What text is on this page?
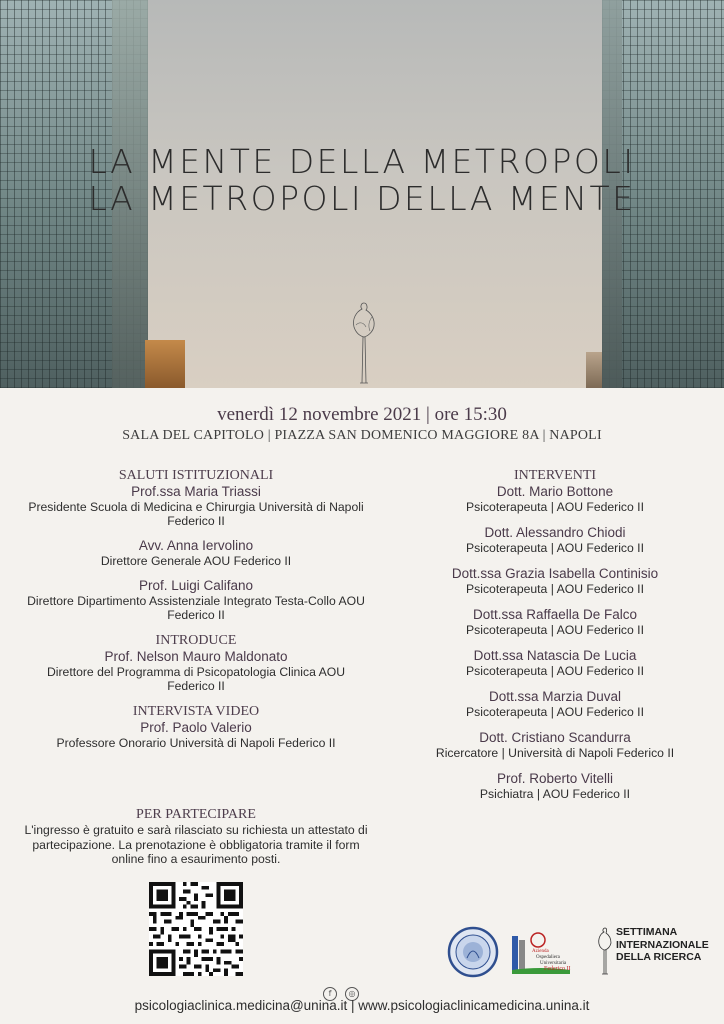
LA MENTE DELLA METROPOLI
LA METROPOLI DELLA MENTE
venerdì 12 novembre 2021 | ore 15:30
SALA DEL CAPITOLO | PIAZZA SAN DOMENICO MAGGIORE 8A | NAPOLI
SALUTI ISTITUZIONALI
Prof.ssa Maria Triassi
Presidente Scuola di Medicina e Chirurgia Università di Napoli Federico II
Avv. Anna Iervolino
Direttore Generale AOU Federico II
Prof. Luigi Califano
Direttore Dipartimento Assistenziale Integrato Testa-Collo AOU Federico II
INTRODUCE
Prof. Nelson Mauro Maldonato
Direttore del Programma di Psicopatologia Clinica AOU Federico II
INTERVISTA VIDEO
Prof. Paolo Valerio
Professore Onorario Università di Napoli Federico II
INTERVENTI
Dott. Mario Bottone
Psicoterapeuta | AOU Federico II
Dott. Alessandro Chiodi
Psicoterapeuta | AOU Federico II
Dott.ssa Grazia Isabella Continisio
Psicoterapeuta | AOU Federico II
Dott.ssa Raffaella De Falco
Psicoterapeuta | AOU Federico II
Dott.ssa Natascia De Lucia
Psicoterapeuta | AOU Federico II
Dott.ssa Marzia Duval
Psicoterapeuta | AOU Federico II
Dott. Cristiano Scandurra
Ricercatore | Università di Napoli Federico II
Prof. Roberto Vitelli
Psichiatra | AOU Federico II
PER PARTECIPARE
L'ingresso è gratuito e sarà rilasciato su richiesta un attestato di partecipazione. La prenotazione è obbligatoria tramite il form online fino a esaurimento posti.
Azienda
Ospedaliera
Universitaria
Federico II
SETTIMANA
INTERNAZIONALE
DELLA RICERCA
f ◎
psicologiaclinica.medicina@unina.it | www.psicologiaclinicamedicina.unina.it
